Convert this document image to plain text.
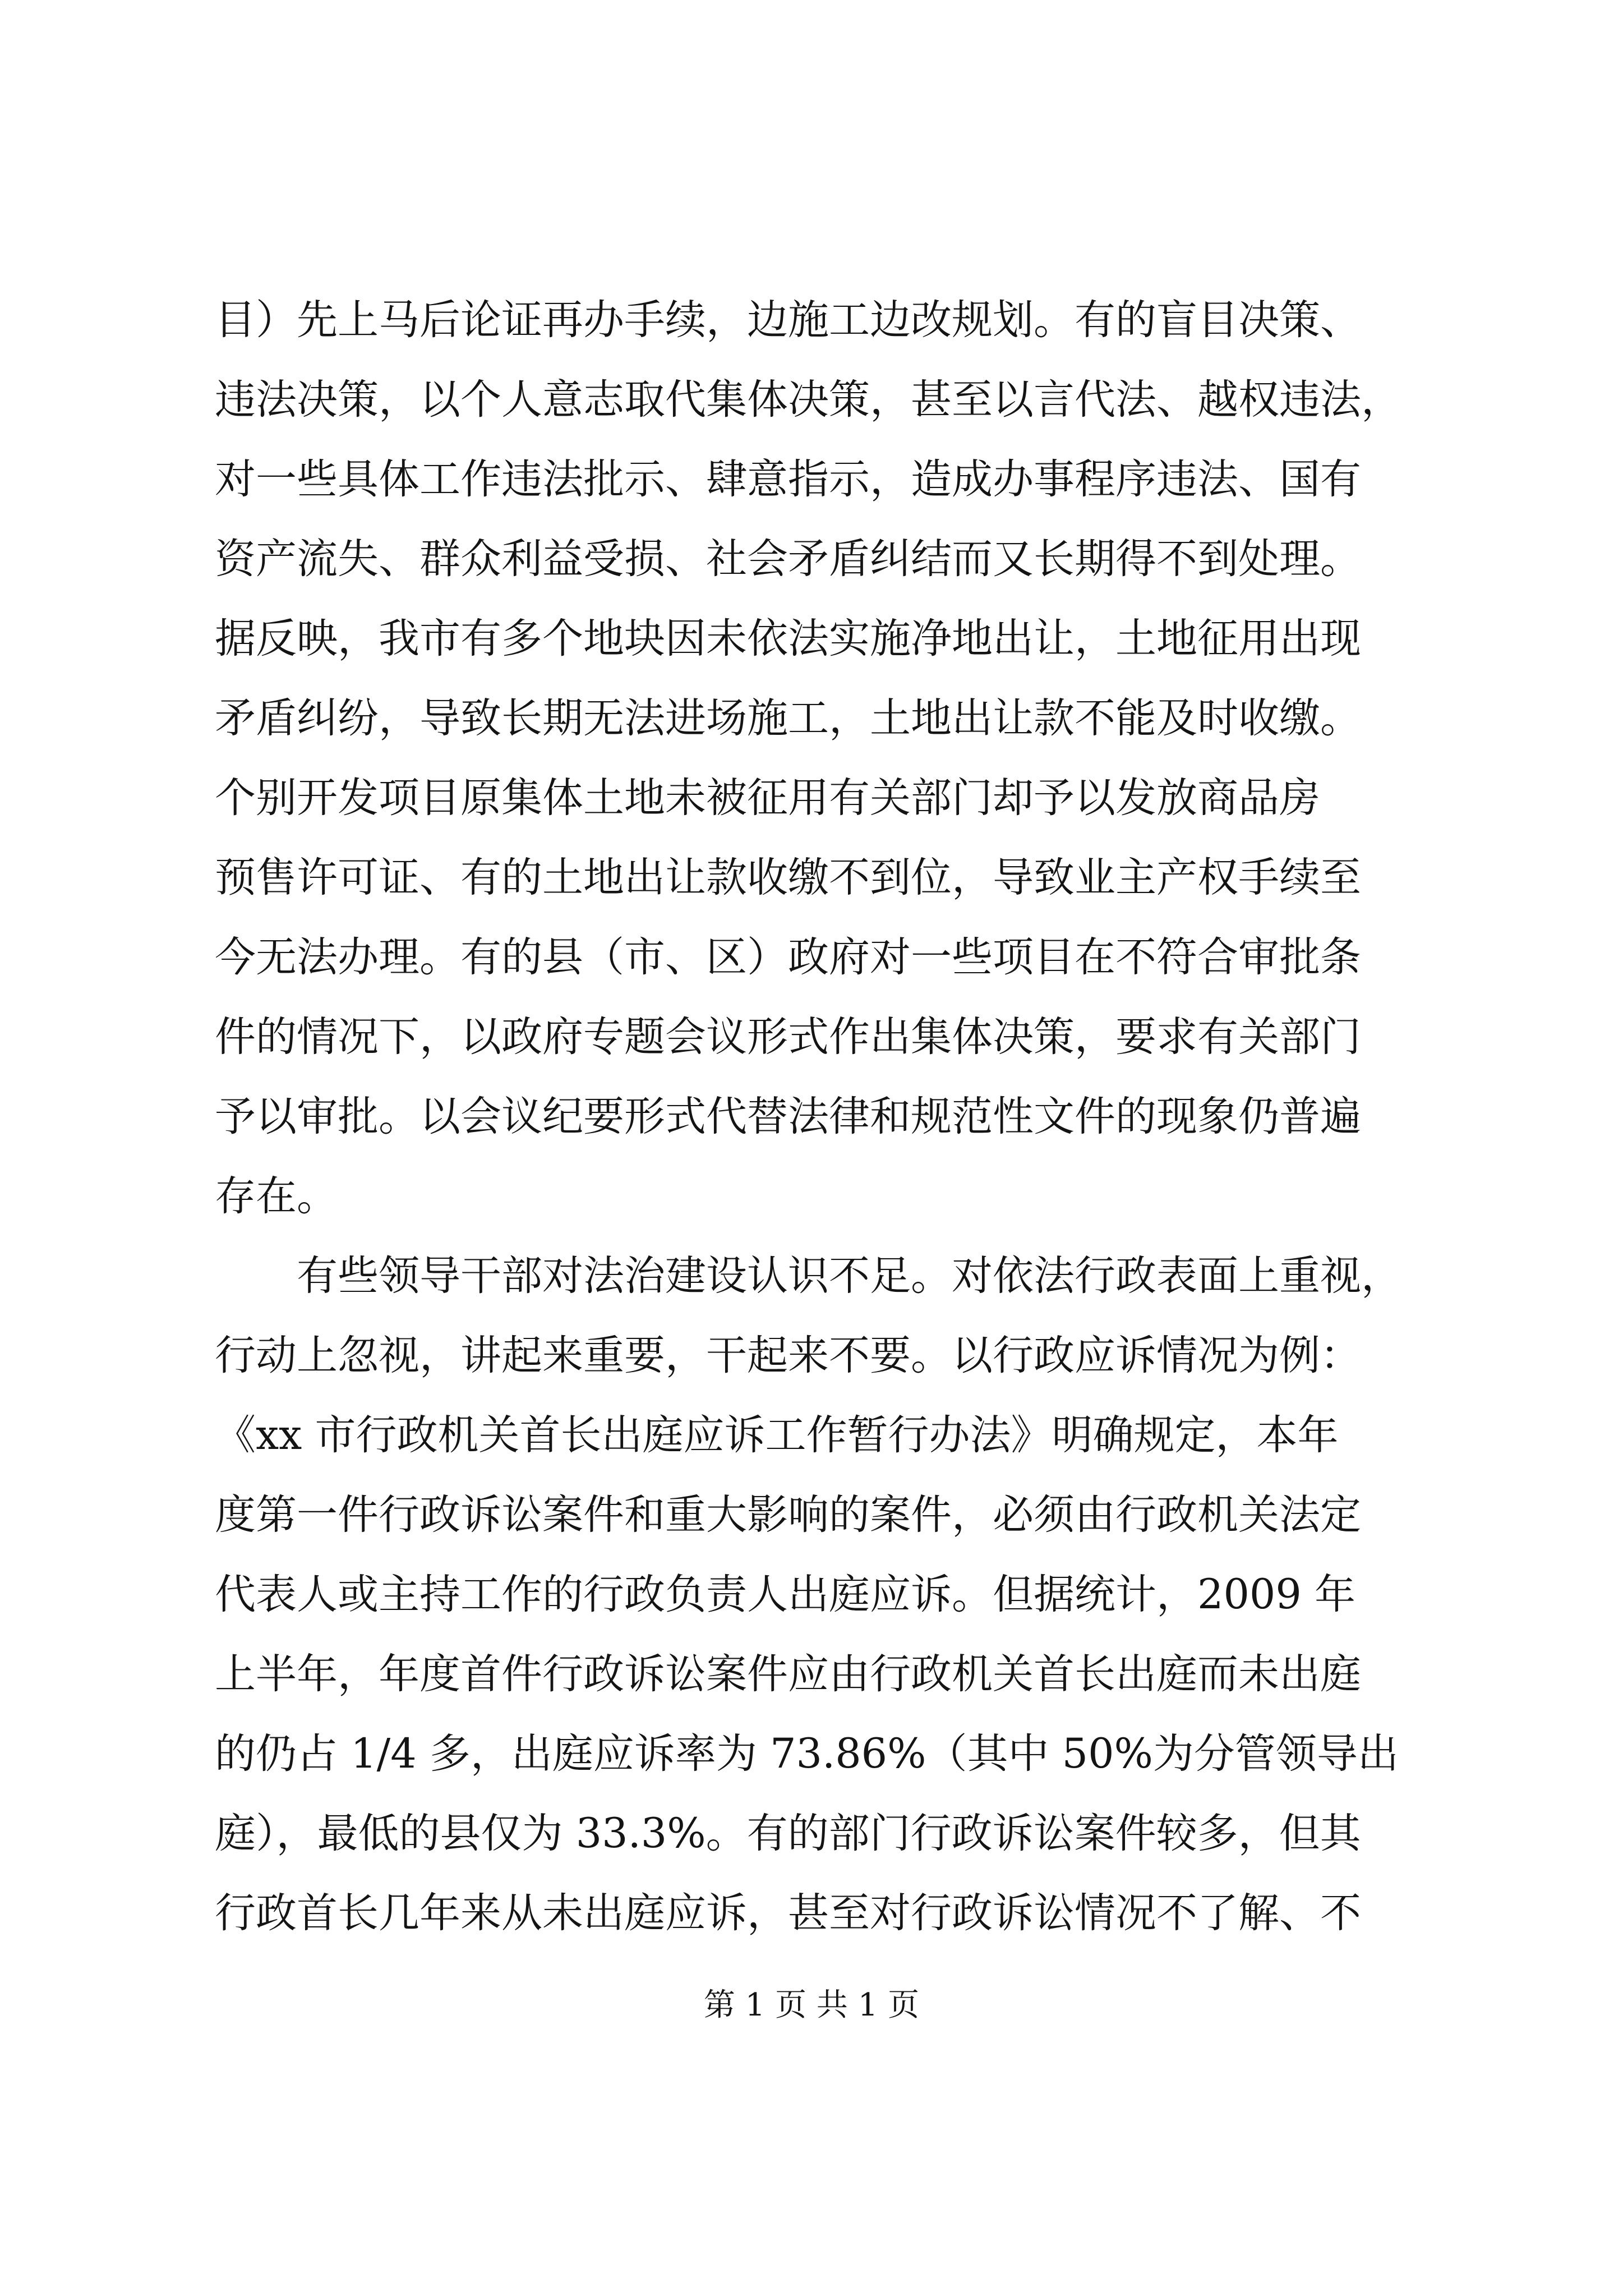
目）先上马后论证再办手续，边施工边改规划。有的盲目决策、
违法决策，以个人意志取代集体决策，甚至以言代法、越权违法，
对一些具体工作违法批示、肆意指示，造成办事程序违法、国有
资产流失、群众利益受损、社会矛盾纠结而又长期得不到处理。
据反映，我市有多个地块因未依法实施净地出让，土地征用出现
矛盾纠纷，导致长期无法进场施工，土地出让款不能及时收缴。
个别开发项目原集体土地未被征用有关部门却予以发放商品房
预售许可证、有的土地出让款收缴不到位，导致业主产权手续至
今无法办理。有的县（市、区）政府对一些项目在不符合审批条
件的情况下，以政府专题会议形式作出集体决策，要求有关部门
予以审批。以会议纪要形式代替法律和规范性文件的现象仍普遍
存在。
　　有些领导干部对法治建设认识不足。对依法行政表面上重视，
行动上忽视，讲起来重要，干起来不要。以行政应诉情况为例：
《xx 市行政机关首长出庭应诉工作暂行办法》明确规定，本年
度第一件行政诉讼案件和重大影响的案件，必须由行政机关法定
代表人或主持工作的行政负责人出庭应诉。但据统计，2009 年
上半年，年度首件行政诉讼案件应由行政机关首长出庭而未出庭
的仍占 1/4 多，出庭应诉率为 73.86%（其中 50%为分管领导出
庭），最低的县仅为 33.3%。有的部门行政诉讼案件较多，但其
行政首长几年来从未出庭应诉，甚至对行政诉讼情况不了解、不
第 1 页 共 1 页
